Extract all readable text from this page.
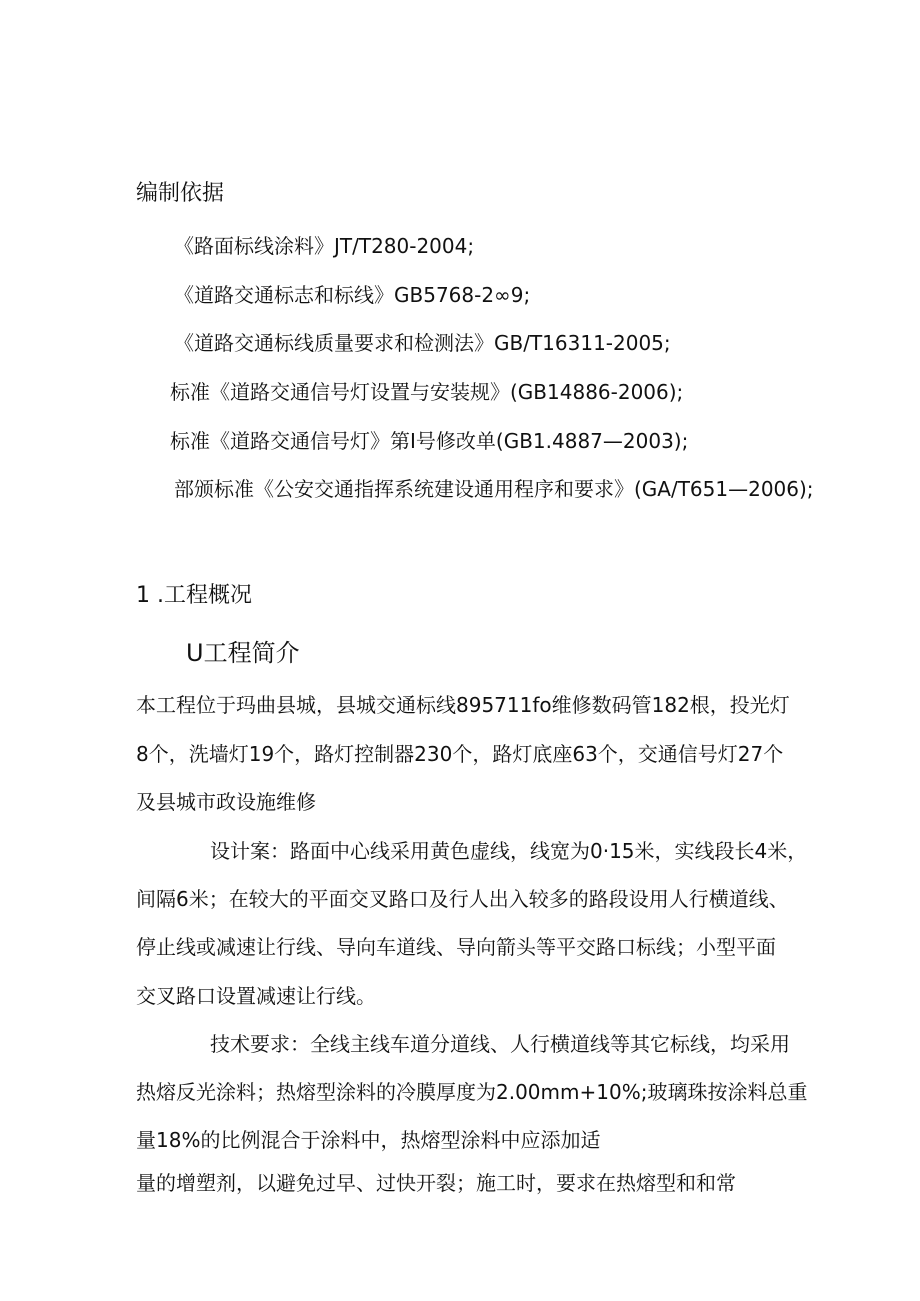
编制依据
《路面标线涂料》JT/T280-2004;
《道路交通标志和标线》GB5768-2∞9;
《道路交通标线质量要求和检测法》GB/T16311-2005;
标准《道路交通信号灯设置与安装规》(GB14886-2006);
标准《道路交通信号灯》第I号修改单(GB1.4887—2003);
部颁标准《公安交通指挥系统建设通用程序和要求》(GA/T651—2006);
1 .工程概况
U工程简介
本工程位于玛曲县城，县城交通标线895711fo维修数码管182根，投光灯
8个，洗墙灯19个，路灯控制器230个，路灯底座63个，交通信号灯27个
及县城市政设施维修
设计案：路面中心线采用黄色虚线，线宽为0·15米，实线段长4米，
间隔6米；在较大的平面交叉路口及行人出入较多的路段设用人行横道线、
停止线或减速让行线、导向车道线、导向箭头等平交路口标线；小型平面
交叉路口设置减速让行线。
技术要求：全线主线车道分道线、人行横道线等其它标线，均采用
热熔反光涂料；热熔型涂料的冷膜厚度为2.00mm+10%;玻璃珠按涂料总重
量18%的比例混合于涂料中，热熔型涂料中应添加适
量的增塑剂，以避免过早、过快开裂；施工时，要求在热熔型和和常
